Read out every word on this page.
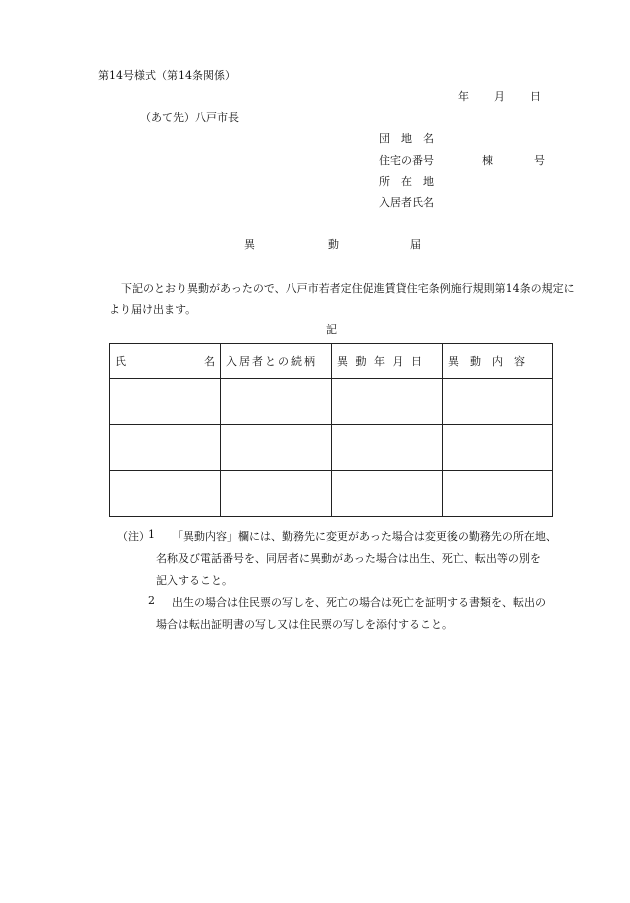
第14号様式（第14条関係）
年 月 日
（あて先）八戸市長
団　地　名
住宅の番号	棟	号
所　在　地
入居者氏名
異	動	届
下記のとおり異動があったので、八戸市若者定住促進賃貸住宅条例施行規則第14条の規定により届け出ます。
記
氏 名	入居者との続柄	異 動 年 月 日	異　動　内　容

（注）
1 「異動内容」欄には、勤務先に変更があった場合は変更後の勤務先の所在地、
名称及び電話番号を、同居者に異動があった場合は出生、死亡、転出等の別を
記入すること。
2 出生の場合は住民票の写しを、死亡の場合は死亡を証明する書類を、転出の
場合は転出証明書の写し又は住民票の写しを添付すること。
